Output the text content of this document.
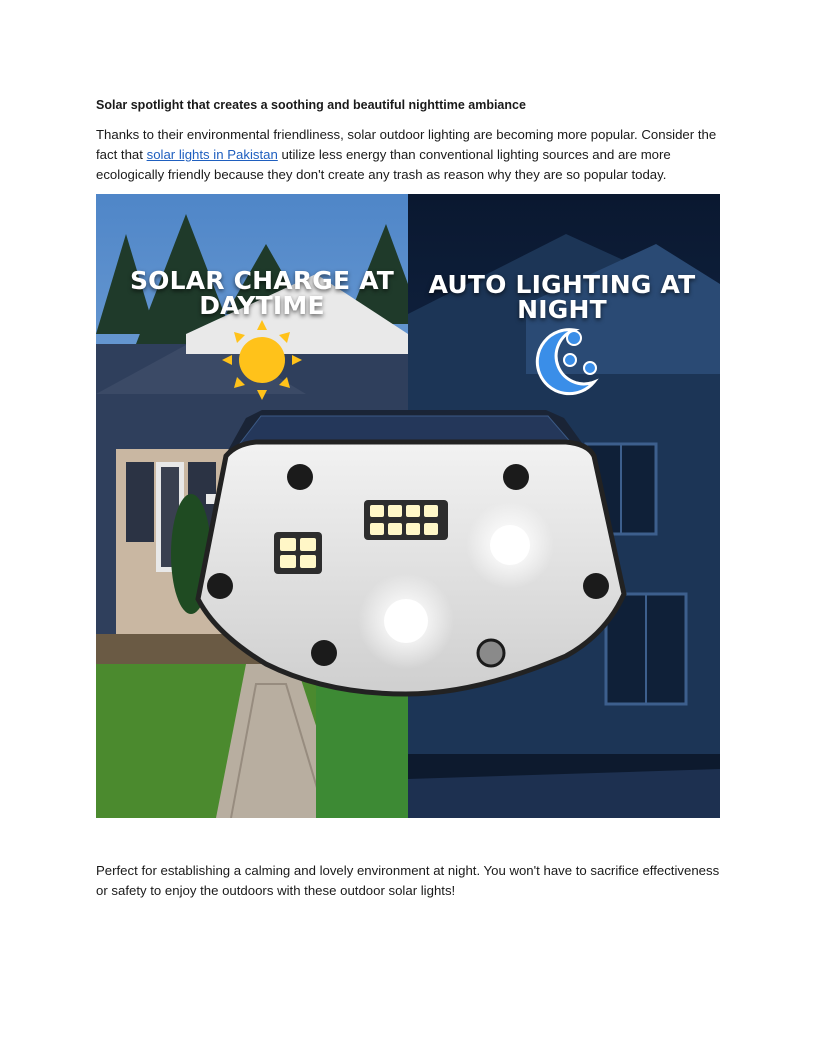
Solar spotlight that creates a soothing and beautiful nighttime ambiance

Thanks to their environmental friendliness, solar outdoor lighting are becoming more popular. Consider the fact that solar lights in Pakistan utilize less energy than conventional lighting sources and are more ecologically friendly because they don't create any trash as reason why they are so popular today.

SOLAR CHARGE AT DAYTIME
AUTO LIGHTING AT NIGHT

Perfect for establishing a calming and lovely environment at night. You won't have to sacrifice effectiveness or safety to enjoy the outdoors with these outdoor solar lights!
